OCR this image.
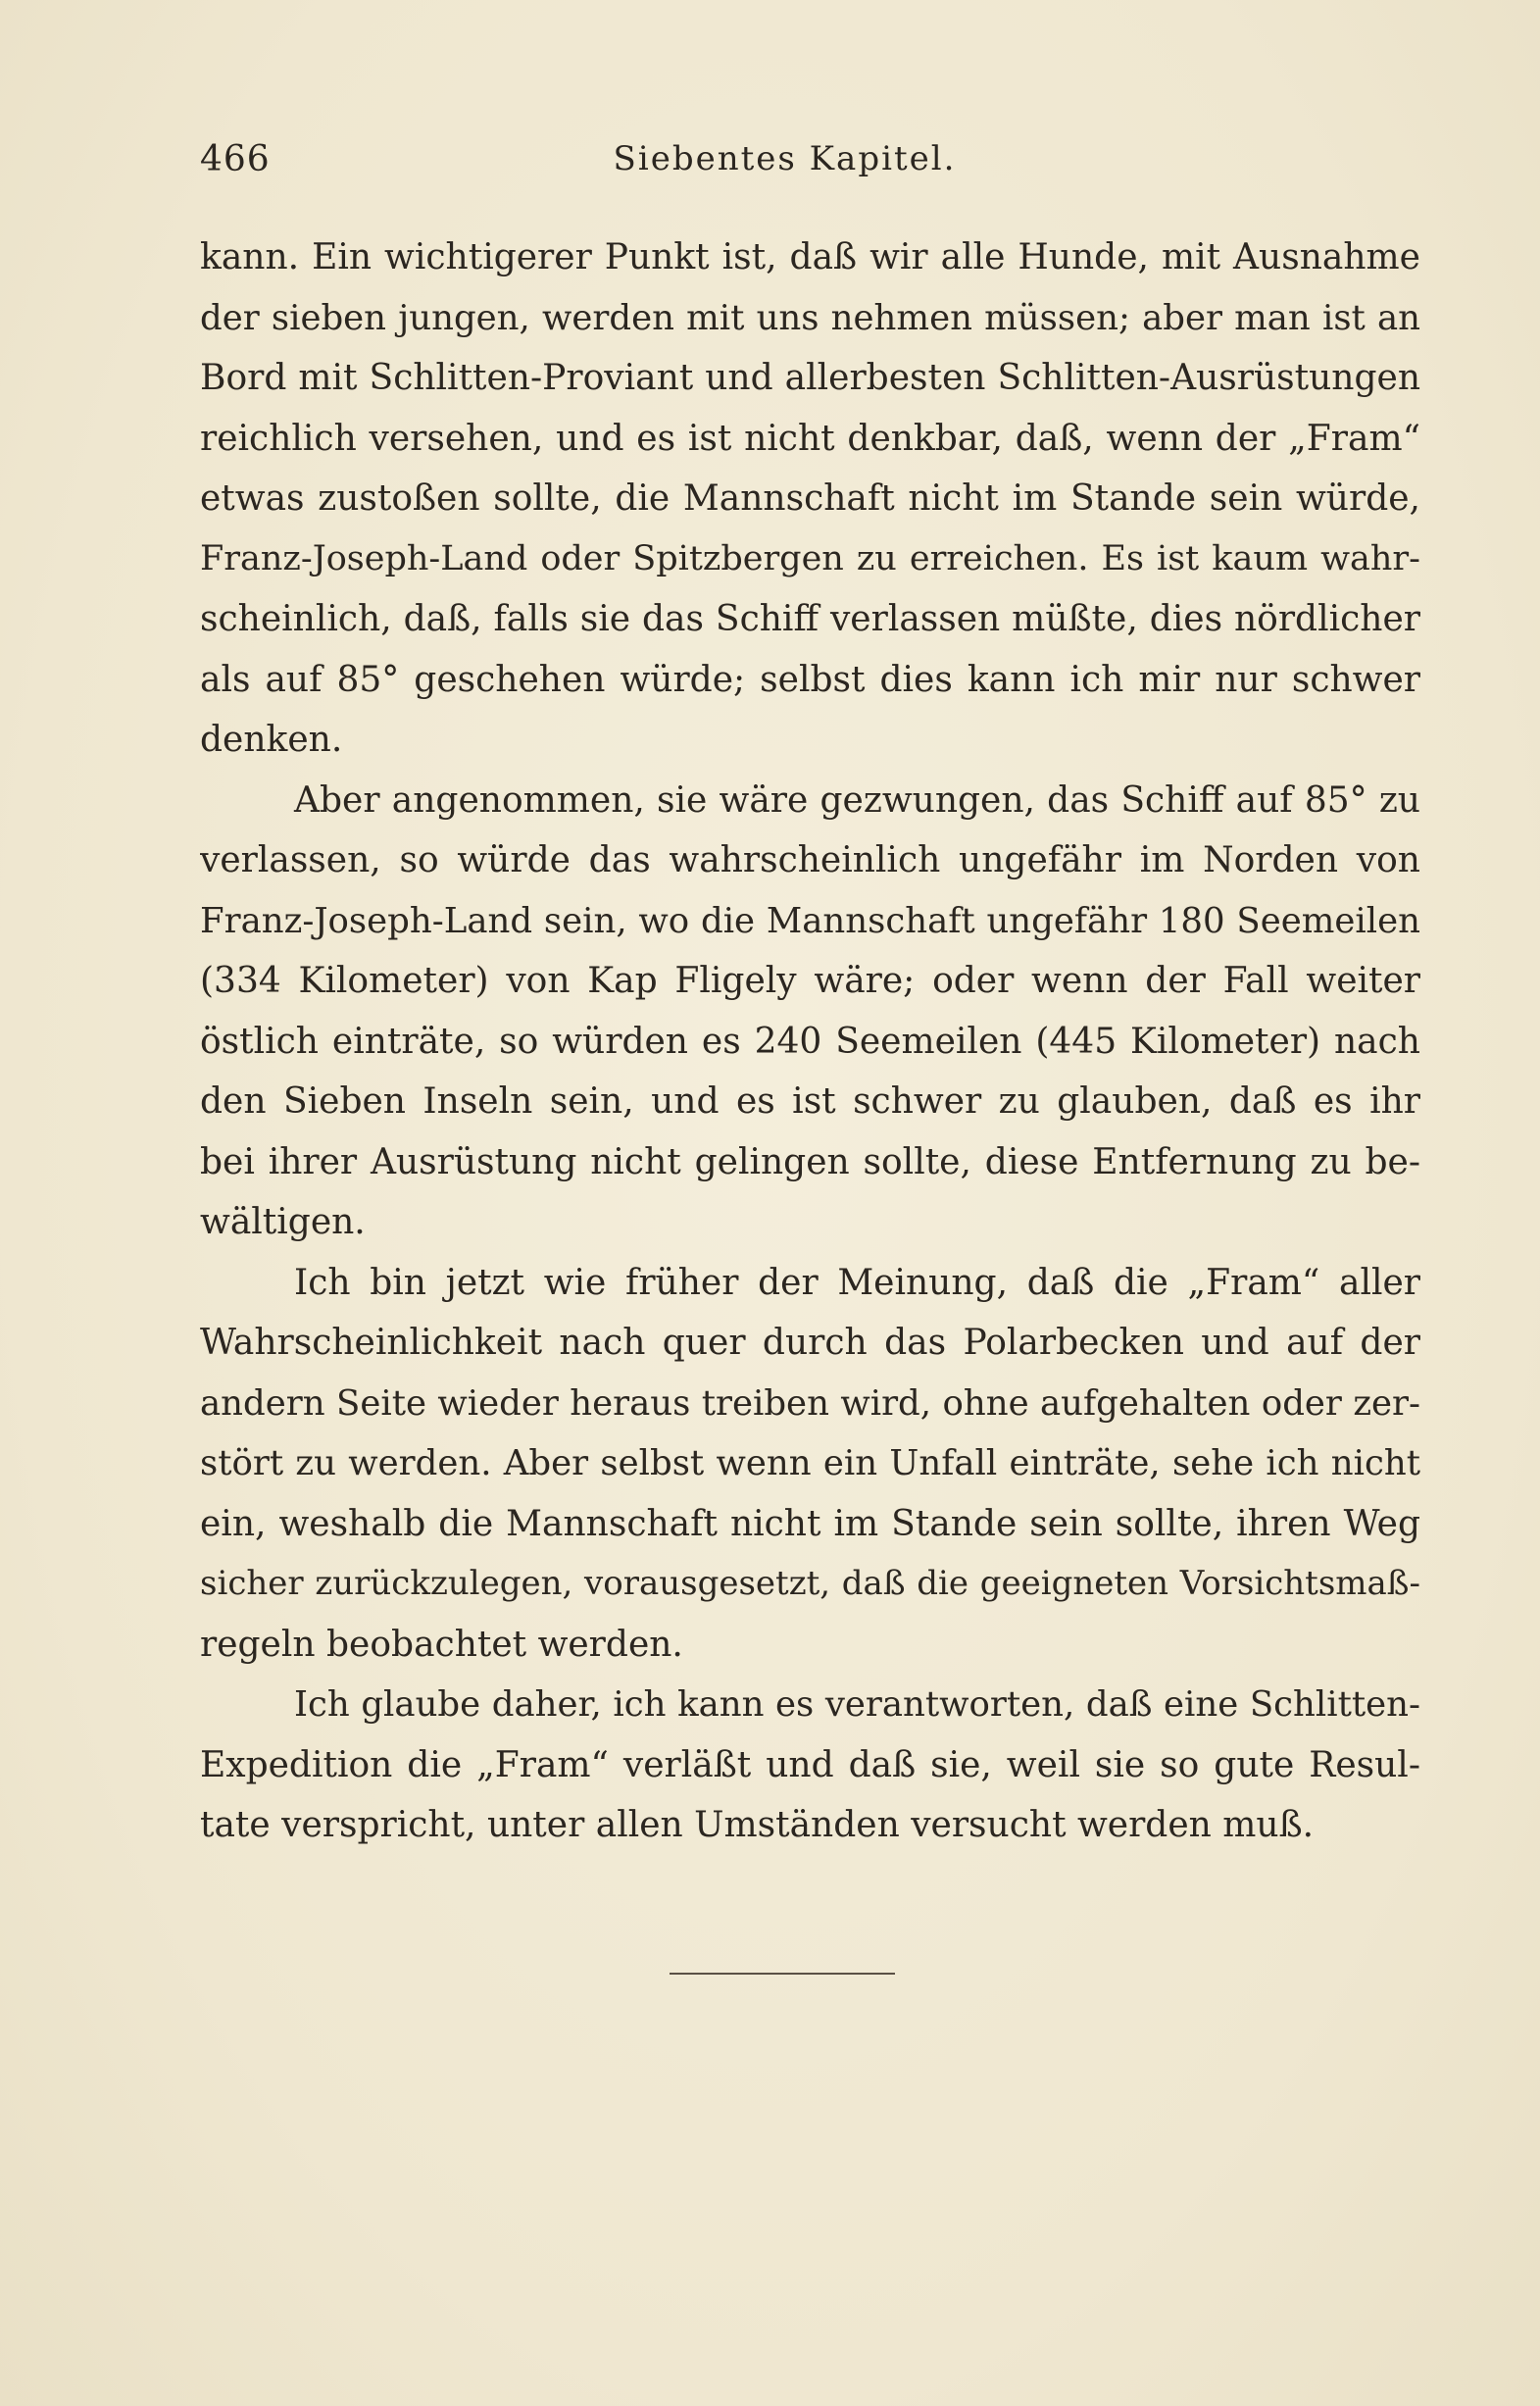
466	Siebentes Kapitel.

kann. Ein wichtigerer Punkt ist, daß wir alle Hunde, mit Ausnahme
der sieben jungen, werden mit uns nehmen müssen; aber man ist an
Bord mit Schlitten-Proviant und allerbesten Schlitten-Ausrüstungen
reichlich versehen, und es ist nicht denkbar, daß, wenn der „Fram“
etwas zustoßen sollte, die Mannschaft nicht im Stande sein würde,
Franz-Joseph-Land oder Spitzbergen zu erreichen. Es ist kaum wahr-
scheinlich, daß, falls sie das Schiff verlassen müßte, dies nördlicher
als auf 85° geschehen würde; selbst dies kann ich mir nur schwer
denken.

Aber angenommen, sie wäre gezwungen, das Schiff auf 85° zu
verlassen, so würde das wahrscheinlich ungefähr im Norden von
Franz-Joseph-Land sein, wo die Mannschaft ungefähr 180 Seemeilen
(334 Kilometer) von Kap Fligely wäre; oder wenn der Fall weiter
östlich einträte, so würden es 240 Seemeilen (445 Kilometer) nach
den Sieben Inseln sein, und es ist schwer zu glauben, daß es ihr
bei ihrer Ausrüstung nicht gelingen sollte, diese Entfernung zu be-
wältigen.

Ich bin jetzt wie früher der Meinung, daß die „Fram“ aller
Wahrscheinlichkeit nach quer durch das Polarbecken und auf der
andern Seite wieder heraus treiben wird, ohne aufgehalten oder zer-
stört zu werden. Aber selbst wenn ein Unfall einträte, sehe ich nicht
ein, weshalb die Mannschaft nicht im Stande sein sollte, ihren Weg
sicher zurückzulegen, vorausgesetzt, daß die geeigneten Vorsichtsmaß-
regeln beobachtet werden.

Ich glaube daher, ich kann es verantworten, daß eine Schlitten-
Expedition die „Fram“ verläßt und daß sie, weil sie so gute Resul-
tate verspricht, unter allen Umständen versucht werden muß.
